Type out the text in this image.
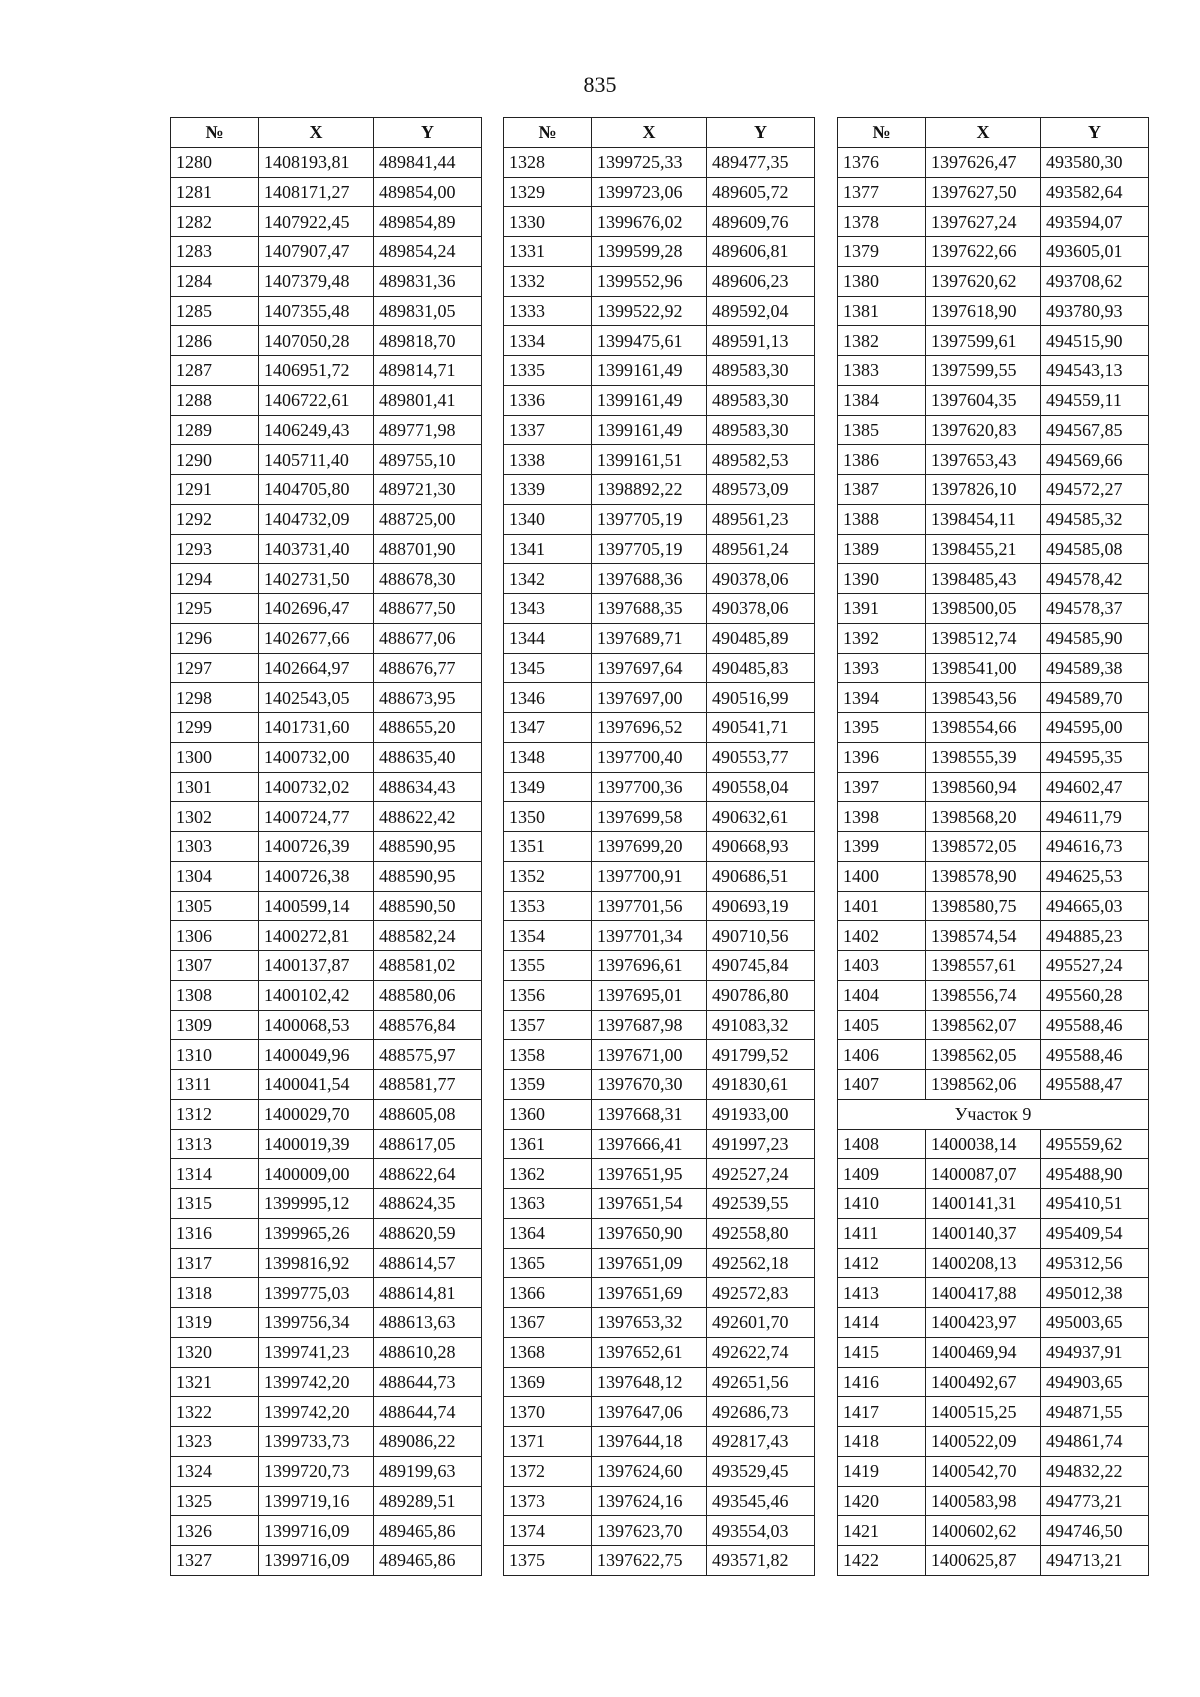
835
№	X	Y
1280	1408193,81	489841,44
1281	1408171,27	489854,00
1282	1407922,45	489854,89
1283	1407907,47	489854,24
1284	1407379,48	489831,36
1285	1407355,48	489831,05
1286	1407050,28	489818,70
1287	1406951,72	489814,71
1288	1406722,61	489801,41
1289	1406249,43	489771,98
1290	1405711,40	489755,10
1291	1404705,80	489721,30
1292	1404732,09	488725,00
1293	1403731,40	488701,90
1294	1402731,50	488678,30
1295	1402696,47	488677,50
1296	1402677,66	488677,06
1297	1402664,97	488676,77
1298	1402543,05	488673,95
1299	1401731,60	488655,20
1300	1400732,00	488635,40
1301	1400732,02	488634,43
1302	1400724,77	488622,42
1303	1400726,39	488590,95
1304	1400726,38	488590,95
1305	1400599,14	488590,50
1306	1400272,81	488582,24
1307	1400137,87	488581,02
1308	1400102,42	488580,06
1309	1400068,53	488576,84
1310	1400049,96	488575,97
1311	1400041,54	488581,77
1312	1400029,70	488605,08
1313	1400019,39	488617,05
1314	1400009,00	488622,64
1315	1399995,12	488624,35
1316	1399965,26	488620,59
1317	1399816,92	488614,57
1318	1399775,03	488614,81
1319	1399756,34	488613,63
1320	1399741,23	488610,28
1321	1399742,20	488644,73
1322	1399742,20	488644,74
1323	1399733,73	489086,22
1324	1399720,73	489199,63
1325	1399719,16	489289,51
1326	1399716,09	489465,86
1327	1399716,09	489465,86
№	X	Y
1328	1399725,33	489477,35
1329	1399723,06	489605,72
1330	1399676,02	489609,76
1331	1399599,28	489606,81
1332	1399552,96	489606,23
1333	1399522,92	489592,04
1334	1399475,61	489591,13
1335	1399161,49	489583,30
1336	1399161,49	489583,30
1337	1399161,49	489583,30
1338	1399161,51	489582,53
1339	1398892,22	489573,09
1340	1397705,19	489561,23
1341	1397705,19	489561,24
1342	1397688,36	490378,06
1343	1397688,35	490378,06
1344	1397689,71	490485,89
1345	1397697,64	490485,83
1346	1397697,00	490516,99
1347	1397696,52	490541,71
1348	1397700,40	490553,77
1349	1397700,36	490558,04
1350	1397699,58	490632,61
1351	1397699,20	490668,93
1352	1397700,91	490686,51
1353	1397701,56	490693,19
1354	1397701,34	490710,56
1355	1397696,61	490745,84
1356	1397695,01	490786,80
1357	1397687,98	491083,32
1358	1397671,00	491799,52
1359	1397670,30	491830,61
1360	1397668,31	491933,00
1361	1397666,41	491997,23
1362	1397651,95	492527,24
1363	1397651,54	492539,55
1364	1397650,90	492558,80
1365	1397651,09	492562,18
1366	1397651,69	492572,83
1367	1397653,32	492601,70
1368	1397652,61	492622,74
1369	1397648,12	492651,56
1370	1397647,06	492686,73
1371	1397644,18	492817,43
1372	1397624,60	493529,45
1373	1397624,16	493545,46
1374	1397623,70	493554,03
1375	1397622,75	493571,82
№	X	Y
1376	1397626,47	493580,30
1377	1397627,50	493582,64
1378	1397627,24	493594,07
1379	1397622,66	493605,01
1380	1397620,62	493708,62
1381	1397618,90	493780,93
1382	1397599,61	494515,90
1383	1397599,55	494543,13
1384	1397604,35	494559,11
1385	1397620,83	494567,85
1386	1397653,43	494569,66
1387	1397826,10	494572,27
1388	1398454,11	494585,32
1389	1398455,21	494585,08
1390	1398485,43	494578,42
1391	1398500,05	494578,37
1392	1398512,74	494585,90
1393	1398541,00	494589,38
1394	1398543,56	494589,70
1395	1398554,66	494595,00
1396	1398555,39	494595,35
1397	1398560,94	494602,47
1398	1398568,20	494611,79
1399	1398572,05	494616,73
1400	1398578,90	494625,53
1401	1398580,75	494665,03
1402	1398574,54	494885,23
1403	1398557,61	495527,24
1404	1398556,74	495560,28
1405	1398562,07	495588,46
1406	1398562,05	495588,46
1407	1398562,06	495588,47
Участок 9		
1408	1400038,14	495559,62
1409	1400087,07	495488,90
1410	1400141,31	495410,51
1411	1400140,37	495409,54
1412	1400208,13	495312,56
1413	1400417,88	495012,38
1414	1400423,97	495003,65
1415	1400469,94	494937,91
1416	1400492,67	494903,65
1417	1400515,25	494871,55
1418	1400522,09	494861,74
1419	1400542,70	494832,22
1420	1400583,98	494773,21
1421	1400602,62	494746,50
1422	1400625,87	494713,21
